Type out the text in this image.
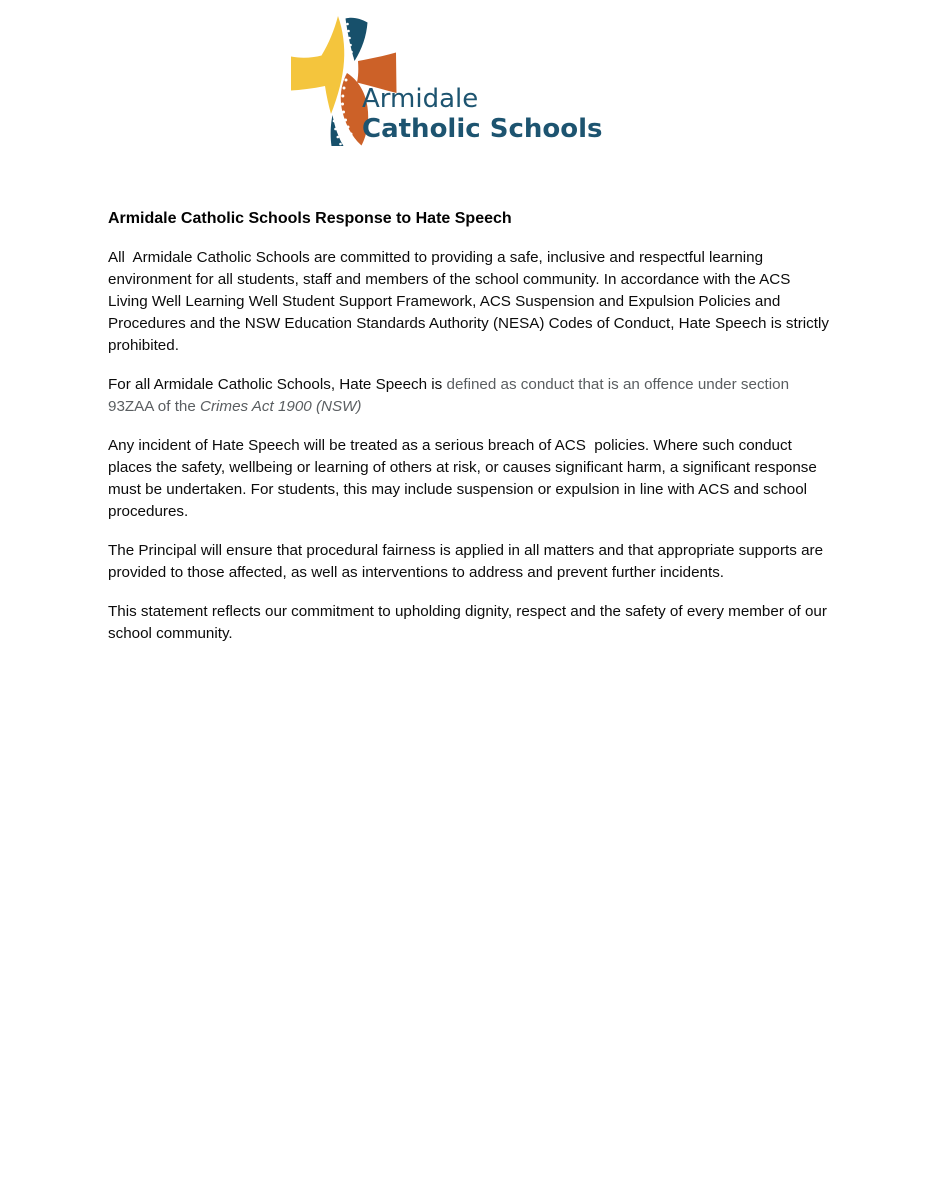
Armidale
Catholic Schools
Armidale Catholic Schools Response to Hate Speech

All  Armidale Catholic Schools are committed to providing a safe, inclusive and respectful learning environment for all students, staff and members of the school community. In accordance with the ACS Living Well Learning Well Student Support Framework, ACS Suspension and Expulsion Policies and Procedures and the NSW Education Standards Authority (NESA) Codes of Conduct, Hate Speech is strictly prohibited.

For all Armidale Catholic Schools, Hate Speech is defined as conduct that is an offence under section 93ZAA of the Crimes Act 1900 (NSW)

Any incident of Hate Speech will be treated as a serious breach of ACS  policies. Where such conduct places the safety, wellbeing or learning of others at risk, or causes significant harm, a significant response must be undertaken. For students, this may include suspension or expulsion in line with ACS and school procedures.

The Principal will ensure that procedural fairness is applied in all matters and that appropriate supports are provided to those affected, as well as interventions to address and prevent further incidents.

This statement reflects our commitment to upholding dignity, respect and the safety of every member of our school community.
